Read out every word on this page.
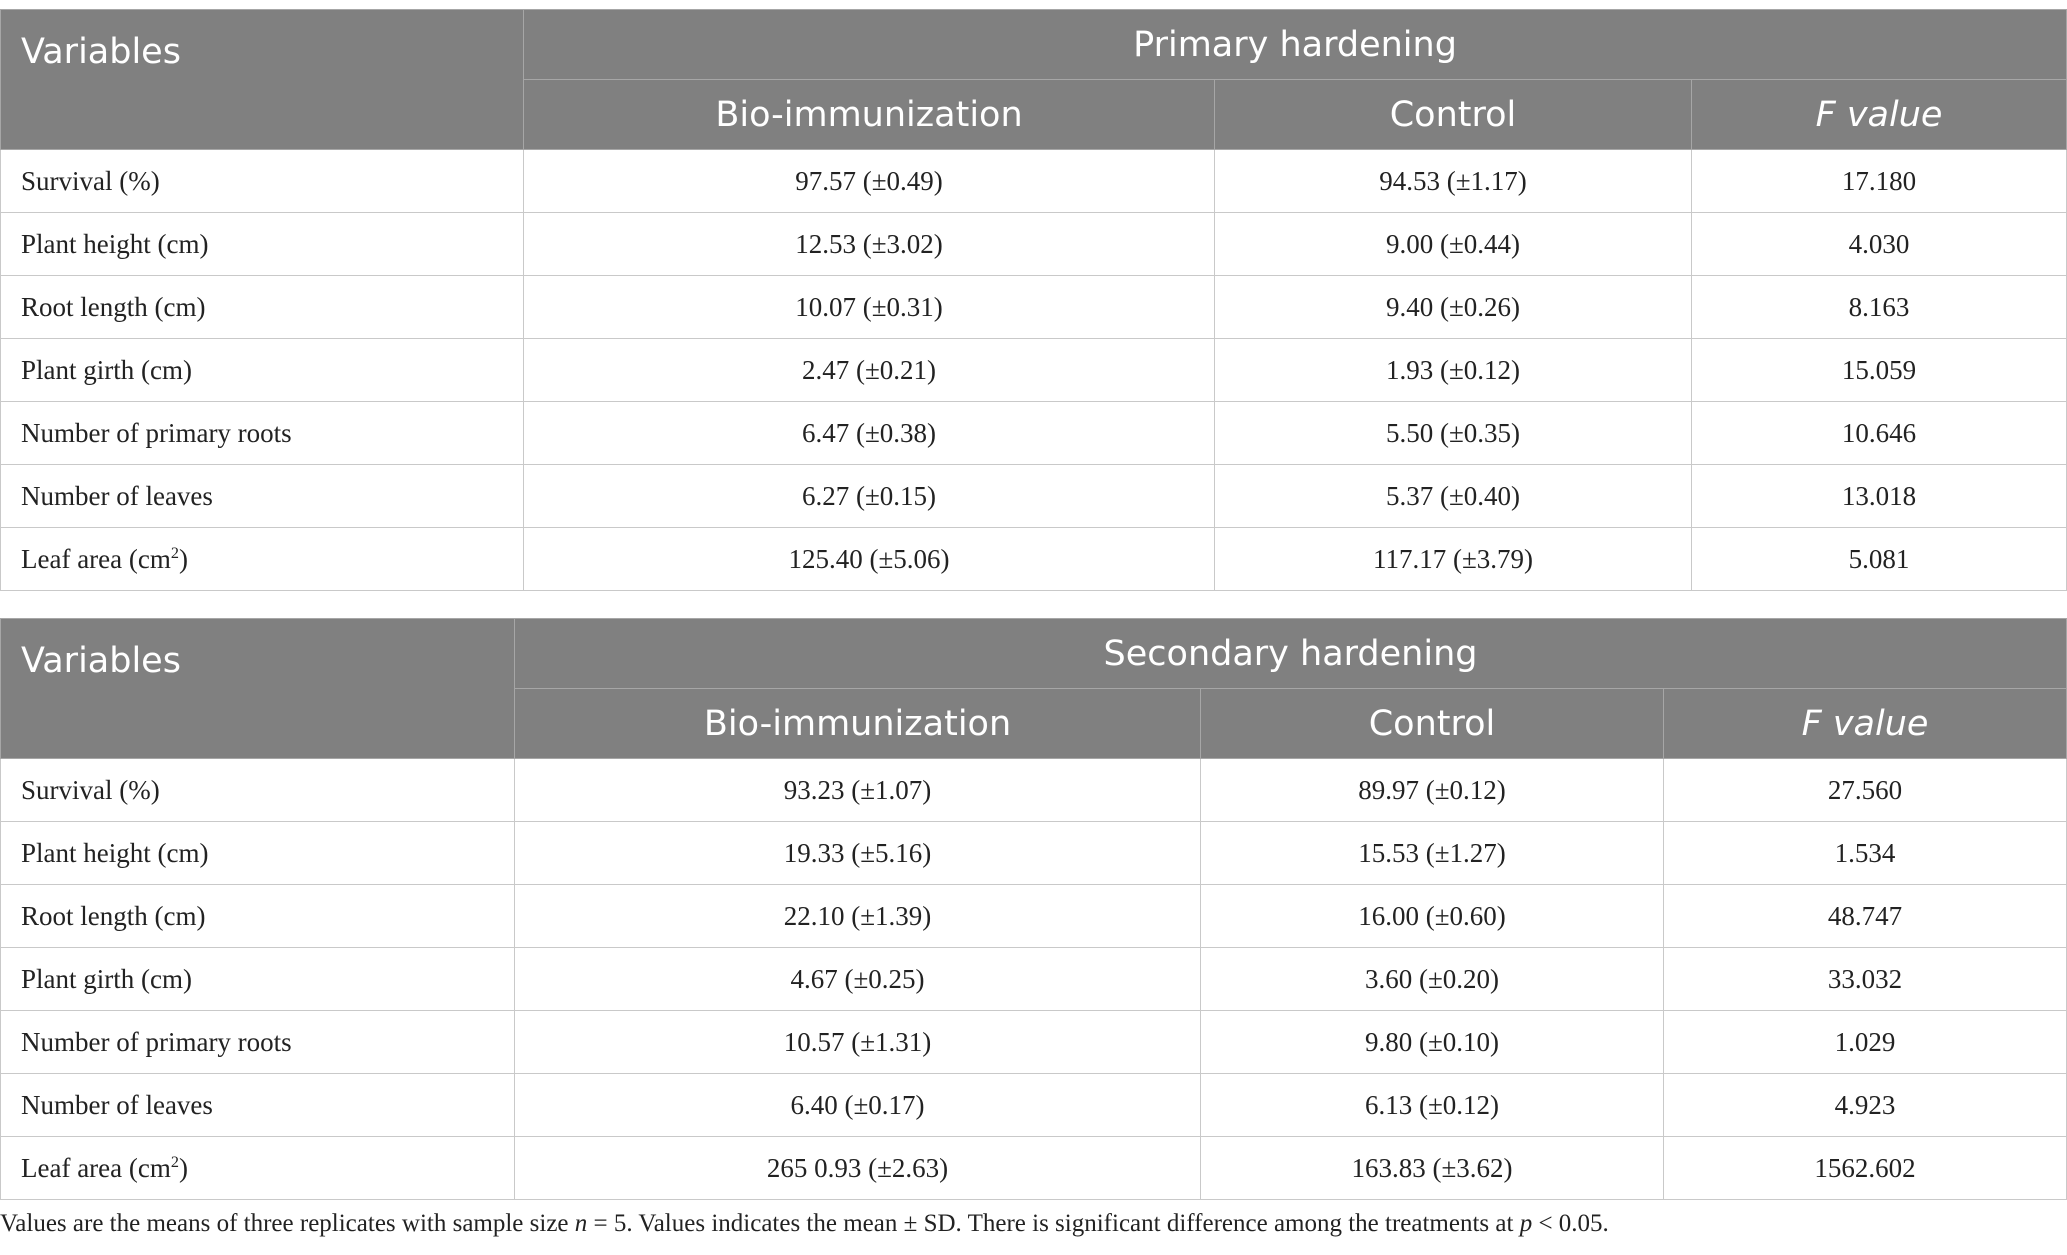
Variables	Primary hardening		
	Bio-immunization	Control	F value
Survival (%)	97.57 (±0.49)	94.53 (±1.17)	17.180
Plant height (cm)	12.53 (±3.02)	9.00 (±0.44)	4.030
Root length (cm)	10.07 (±0.31)	9.40 (±0.26)	8.163
Plant girth (cm)	2.47 (±0.21)	1.93 (±0.12)	15.059
Number of primary roots	6.47 (±0.38)	5.50 (±0.35)	10.646
Number of leaves	6.27 (±0.15)	5.37 (±0.40)	13.018
Leaf area $(cm^2)$	125.40 (±5.06)	117.17 (±3.79)	5.081
Variables	Secondary hardening		
	Bio-immunization	Control	F value
Survival (%)	93.23 (±1.07)	89.97 (±0.12)	27.560
Plant height (cm)	19.33 (±5.16)	15.53 (±1.27)	1.534
Root length (cm)	22.10 (±1.39)	16.00 (±0.60)	48.747
Plant girth (cm)	4.67 (±0.25)	3.60 (±0.20)	33.032
Number of primary roots	10.57 (±1.31)	9.80 (±0.10)	1.029
Number of leaves	6.40 (±0.17)	6.13 (±0.12)	4.923
Leaf area $(cm^2)$	265 0.93 (±2.63)	163.83 (±3.62)	1562.602
Values are the means of three replicates with sample size n = 5. Values indicates the mean ± SD. There is significant difference among the treatments at p < 0.05.
